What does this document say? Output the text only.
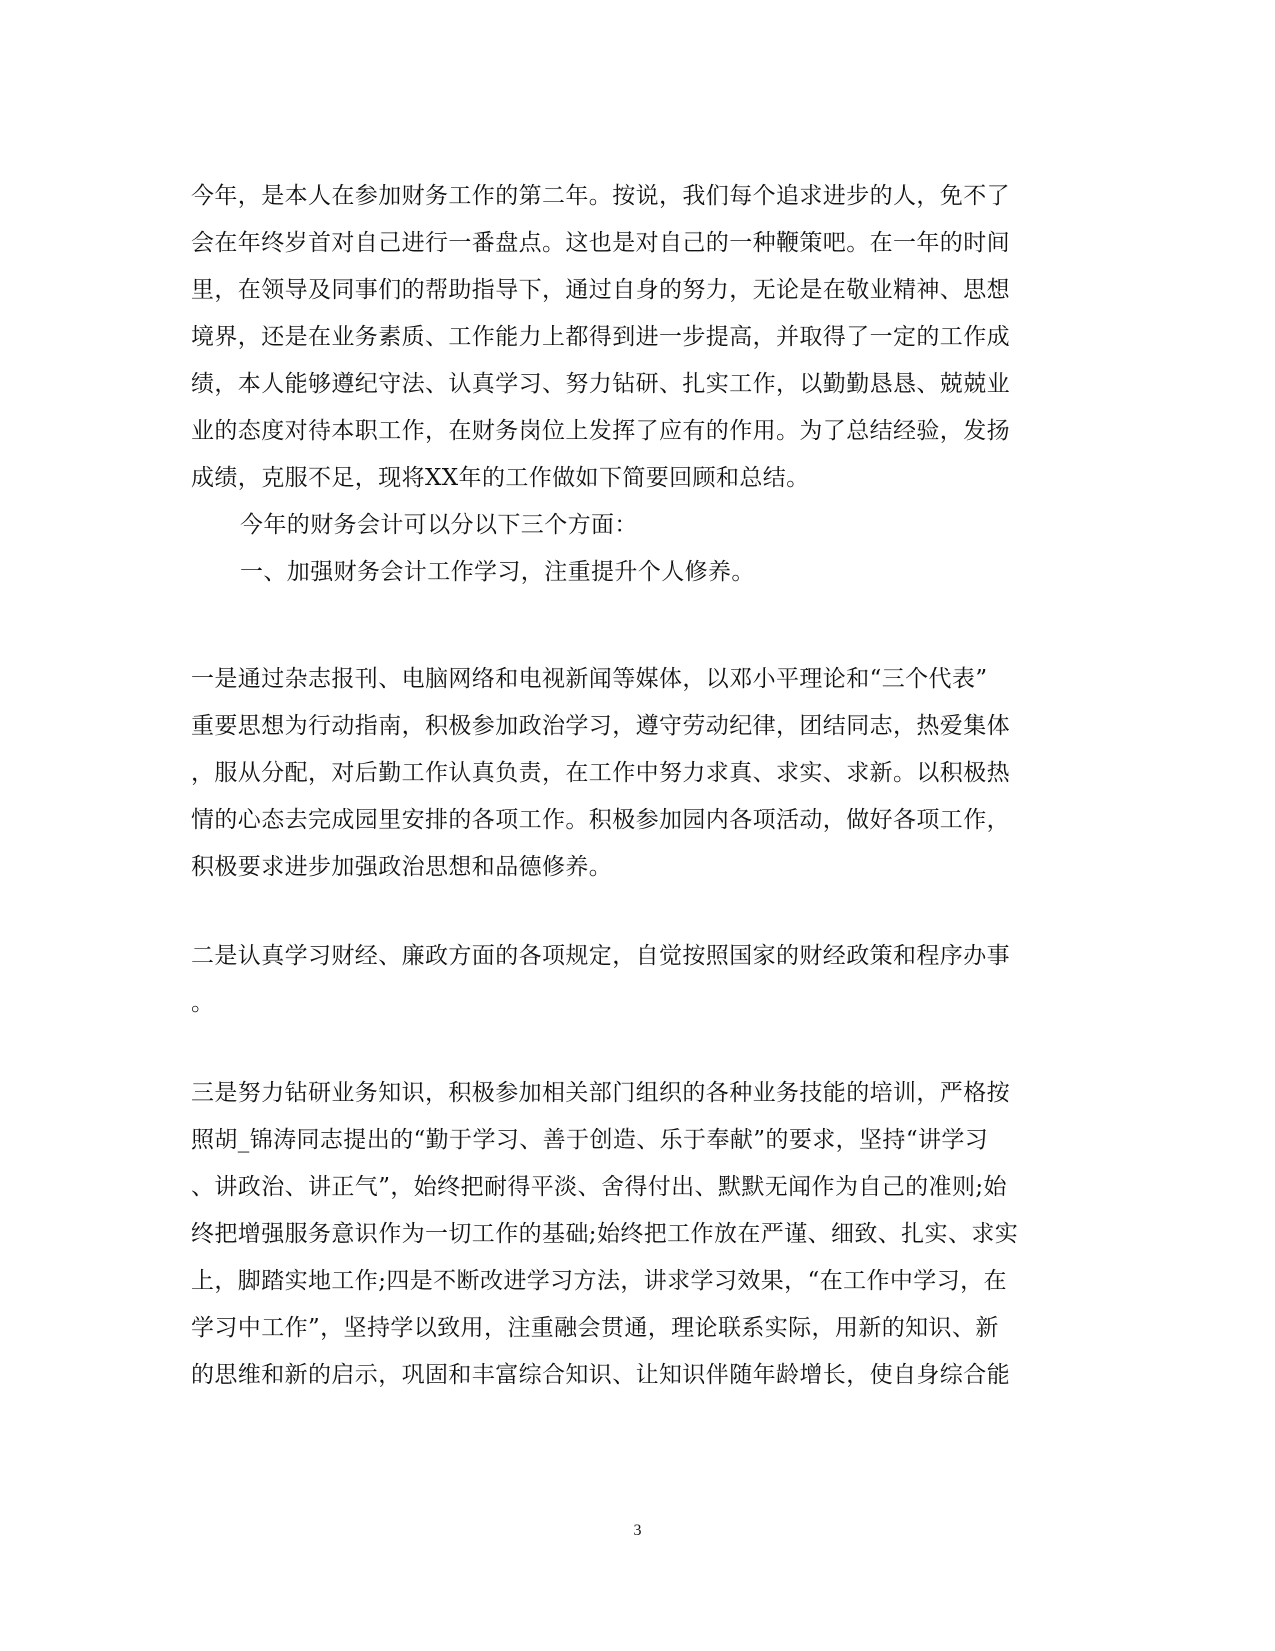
今年，是本人在参加财务工作的第二年。按说，我们每个追求进步的人，免不了
会在年终岁首对自己进行一番盘点。这也是对自己的一种鞭策吧。在一年的时间
里，在领导及同事们的帮助指导下，通过自身的努力，无论是在敬业精神、思想
境界，还是在业务素质、工作能力上都得到进一步提高，并取得了一定的工作成
绩，本人能够遵纪守法、认真学习、努力钻研、扎实工作，以勤勤恳恳、兢兢业
业的态度对待本职工作，在财务岗位上发挥了应有的作用。为了总结经验，发扬
成绩，克服不足，现将XX年的工作做如下简要回顾和总结。
今年的财务会计可以分以下三个方面：
一、加强财务会计工作学习，注重提升个人修养。
一是通过杂志报刊、电脑网络和电视新闻等媒体，以邓小平理论和“三个代表”
重要思想为行动指南，积极参加政治学习，遵守劳动纪律，团结同志，热爱集体
，服从分配，对后勤工作认真负责，在工作中努力求真、求实、求新。以积极热
情的心态去完成园里安排的各项工作。积极参加园内各项活动，做好各项工作，
积极要求进步加强政治思想和品德修养。
二是认真学习财经、廉政方面的各项规定，自觉按照国家的财经政策和程序办事
。
三是努力钻研业务知识，积极参加相关部门组织的各种业务技能的培训，严格按
照胡_锦涛同志提出的“勤于学习、善于创造、乐于奉献”的要求，坚持“讲学习
、讲政治、讲正气”，始终把耐得平淡、舍得付出、默默无闻作为自己的准则;始
终把增强服务意识作为一切工作的基础;始终把工作放在严谨、细致、扎实、求实
上，脚踏实地工作;四是不断改进学习方法，讲求学习效果，“在工作中学习，在
学习中工作”，坚持学以致用，注重融会贯通，理论联系实际，用新的知识、新
的思维和新的启示，巩固和丰富综合知识、让知识伴随年龄增长，使自身综合能
3
